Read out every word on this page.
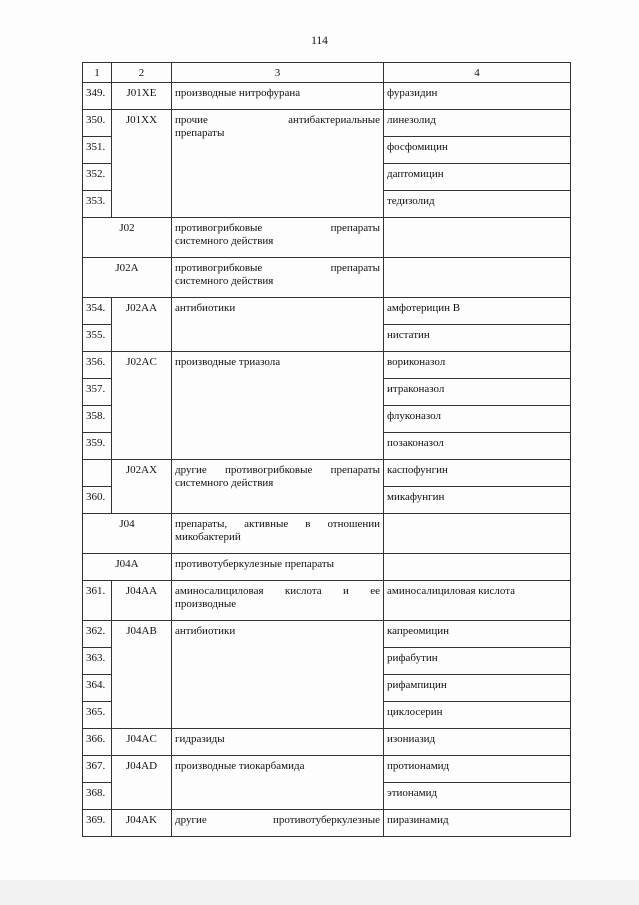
114
1	2	3	4
349.	J01XE	производные нитрофурана	фуразидин
350.	J01XX	прочие антибактериальные
препараты	линезолид
351.			фосфомицин
352.			даптомицин
353.			тедизолид
J02		противогрибковые препараты
системного действия	
J02A		противогрибковые препараты
системного действия	
354.	J02AA	антибиотики	амфотерицин В
355.			нистатин
356.	J02AC	производные триазола	вориконазол
357.			итраконазол
358.			флуконазол
359.			позаконазол
	J02AX	другие противогрибковые препараты
системного действия	каспофунгин
360.			микафунгин
J04		препараты, активные в отношении
микобактерий	
J04A		противотуберкулезные препараты	
361.	J04AA	аминосалициловая кислота и ее
производные	аминосалициловая кислота
362.	J04AB	антибиотики	капреомицин
363.			рифабутин
364.			рифампицин
365.			циклосерин
366.	J04AC	гидразиды	изониазид
367.	J04AD	производные тиокарбамида	протионамид
368.			этионамид
369.	J04AK	другие противотуберкулезные	пиразинамид
